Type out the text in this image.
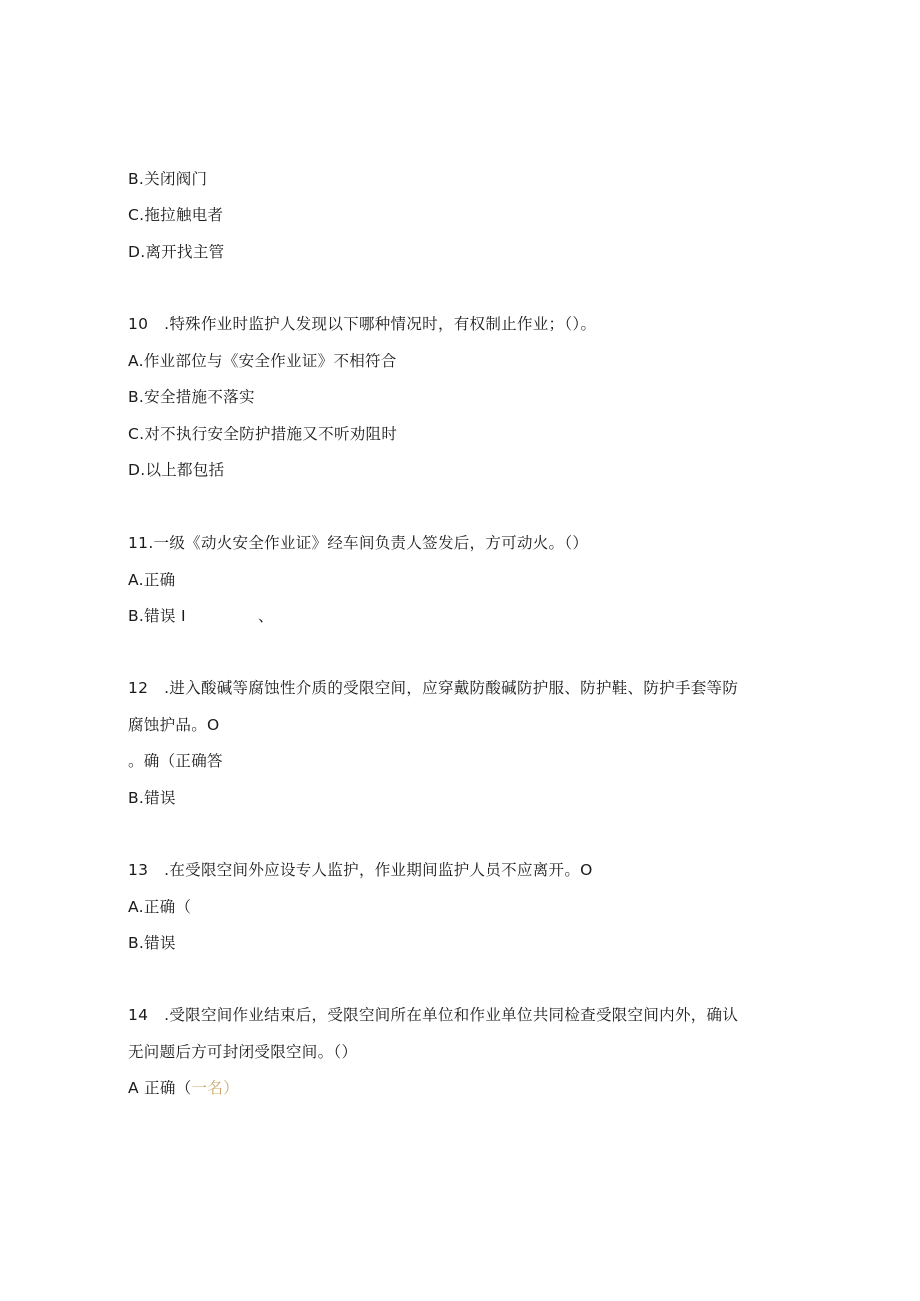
B.关闭阀门
C.拖拉触电者
D.离开找主管
10　.特殊作业时监护人发现以下哪种情况时，有权制止作业；（）。
A.作业部位与《安全作业证》不相符合
B.安全措施不落实
C.对不执行安全防护措施又不听劝阻时
D.以上都包括
11.一级《动火安全作业证》经车间负责人签发后，方可动火。（）
A.正确
B.错误 I	、
12　.进入酸碱等腐蚀性介质的受限空间，应穿戴防酸碱防护服、防护鞋、防护手套等防
腐蚀护品。O
。确（正确答
B.错误
13　.在受限空间外应设专人监护，作业期间监护人员不应离开。O
A.正确（
B.错误
14　.受限空间作业结束后，受限空间所在单位和作业单位共同检查受限空间内外，确认
无问题后方可封闭受限空间。（）
A 正确（一名）
